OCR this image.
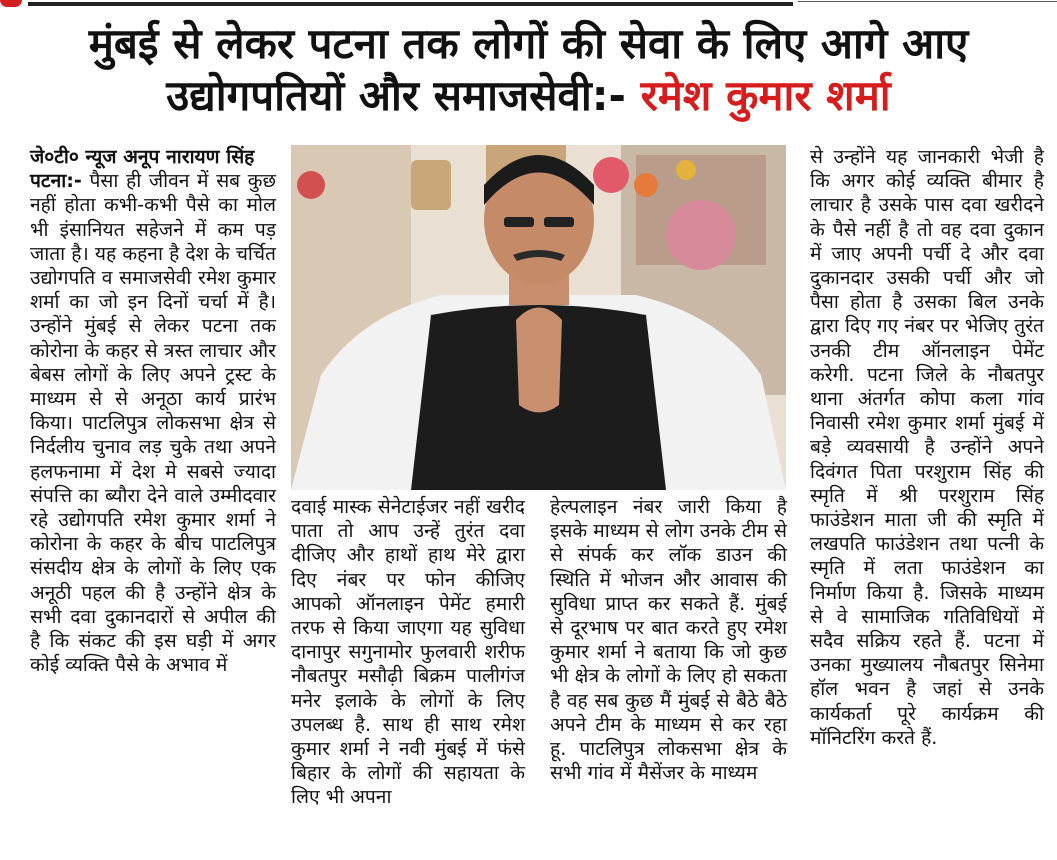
मुंबई से लेकर पटना तक लोगों की सेवा के लिए आगे आए
उद्योगपतियों और समाजसेवी:- रमेश कुमार शर्मा

जे०टी० न्यूज अनूप नारायण सिंह

पटना:- पैसा ही जीवन में सब कुछ नहीं होता कभी-कभी पैसे का मोल भी इंसानियत सहेजने में कम पड़ जाता है। यह कहना है देश के चर्चित उद्योगपति व समाजसेवी रमेश कुमार शर्मा का जो इन दिनों चर्चा में है। उन्होंने मुंबई से लेकर पटना तक कोरोना के कहर से त्रस्त लाचार और बेबस लोगों के लिए अपने ट्रस्ट के माध्यम से से अनूठा कार्य प्रारंभ किया। पाटलिपुत्र लोकसभा क्षेत्र से निर्दलीय चुनाव लड़ चुके तथा अपने हलफनामा में देश मे सबसे ज्यादा संपत्ति का ब्यौरा देने वाले उम्मीदवार रहे उद्योगपति रमेश कुमार शर्मा ने कोरोना के कहर के बीच पाटलिपुत्र संसदीय क्षेत्र के लोगों के लिए एक अनूठी पहल की है उन्होंने क्षेत्र के सभी दवा दुकानदारों से अपील की है कि संकट की इस घड़ी में अगर कोई व्यक्ति पैसे के अभाव में

दवाई मास्क सेनेटाईजर नहीं खरीद पाता तो आप उन्हें तुरंत दवा दीजिए और हाथों हाथ मेरे द्वारा दिए नंबर पर फोन कीजिए आपको ऑनलाइन पेमेंट हमारी तरफ से किया जाएगा यह सुविधा दानापुर सगुनामोर फुलवारी शरीफ नौबतपुर मसौढ़ी बिक्रम पालीगंज मनेर इलाके के लोगों के लिए उपलब्ध है. साथ ही साथ रमेश कुमार शर्मा ने नवी मुंबई में फंसे बिहार के लोगों की सहायता के लिए भी अपना

हेल्पलाइन नंबर जारी किया है इसके माध्यम से लोग उनके टीम से से संपर्क कर लॉक डाउन की स्थिति में भोजन और आवास की सुविधा प्राप्त कर सकते हैं. मुंबई से दूरभाष पर बात करते हुए रमेश कुमार शर्मा ने बताया कि जो कुछ भी क्षेत्र के लोगों के लिए हो सकता है वह सब कुछ मैं मुंबई से बैठे बैठे अपने टीम के माध्यम से कर रहा हू. पाटलिपुत्र लोकसभा क्षेत्र के सभी गांव में मैसेंजर के माध्यम

से उन्होंने यह जानकारी भेजी है कि अगर कोई व्यक्ति बीमार है लाचार है उसके पास दवा खरीदने के पैसे नहीं है तो वह दवा दुकान में जाए अपनी पर्ची दे और दवा दुकानदार उसकी पर्ची और जो पैसा होता है उसका बिल उनके द्वारा दिए गए नंबर पर भेजिए तुरंत उनकी टीम ऑनलाइन पेमेंट करेगी. पटना जिले के नौबतपुर थाना अंतर्गत कोपा कला गांव निवासी रमेश कुमार शर्मा मुंबई में बड़े व्यवसायी है उन्होंने अपने दिवंगत पिता परशुराम सिंह की स्मृति में श्री परशुराम सिंह फाउंडेशन माता जी की स्मृति में लखपति फाउंडेशन तथा पत्नी के स्मृति में लता फाउंडेशन का निर्माण किया है. जिसके माध्यम से वे सामाजिक गतिविधियों में सदैव सक्रिय रहते हैं. पटना में उनका मुख्यालय नौबतपुर सिनेमा हॉल भवन है जहां से उनके कार्यकर्ता पूरे कार्यक्रम की मॉनिटरिंग करते हैं.
